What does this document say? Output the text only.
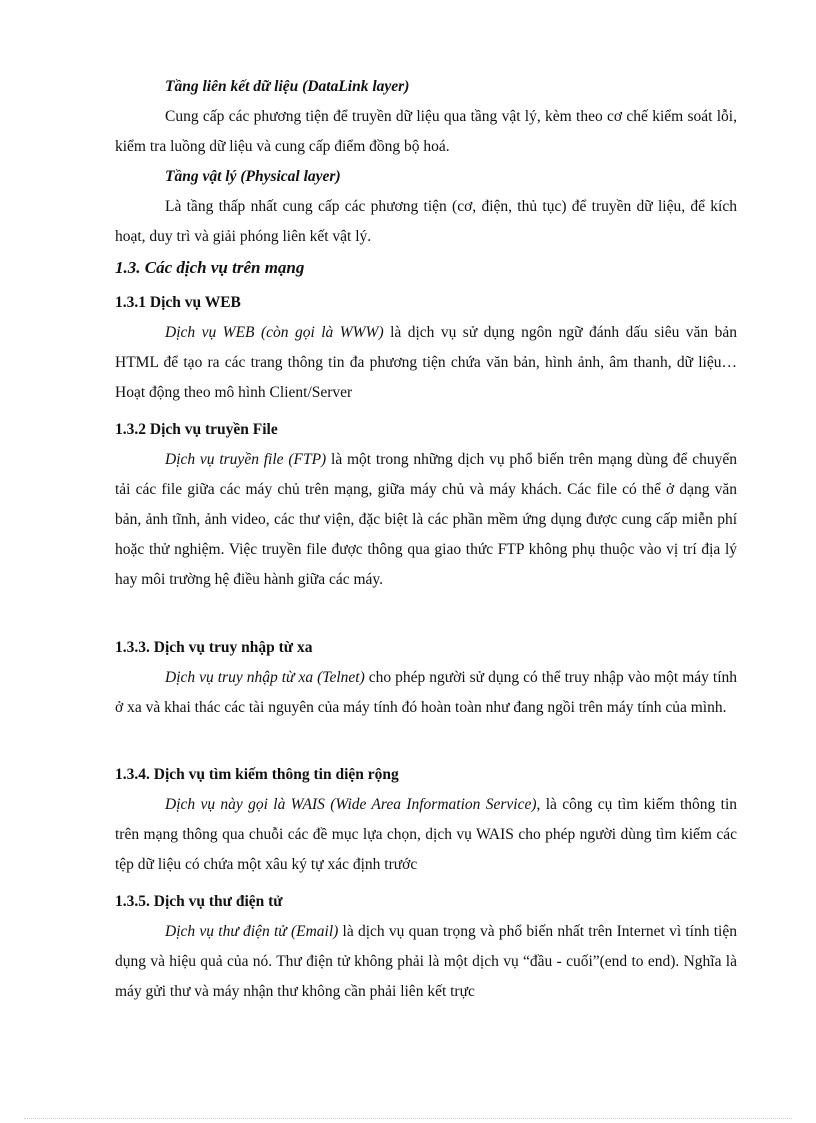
Tầng liên kết dữ liệu (DataLink layer)

Cung cấp các phương tiện để truyền dữ liệu qua tầng vật lý, kèm theo cơ chế kiểm soát lỗi, kiểm tra luồng dữ liệu và cung cấp điểm đồng bộ hoá.

Tầng vật lý (Physical layer)

Là tầng thấp nhất cung cấp các phương tiện (cơ, điện, thủ tục) để truyền dữ liệu, để kích hoạt, duy trì và giải phóng liên kết vật lý.

1.3. Các dịch vụ trên mạng
1.3.1 Dịch vụ WEB

Dịch vụ WEB (còn gọi là WWW) là dịch vụ sử dụng ngôn ngữ đánh dấu siêu văn bản HTML để tạo ra các trang thông tin đa phương tiện chứa văn bản, hình ảnh, âm thanh, dữ liệu…Hoạt động theo mô hình Client/Server

1.3.2 Dịch vụ truyền File

Dịch vụ truyền file (FTP) là một trong những dịch vụ phổ biến trên mạng dùng để chuyển tải các file giữa các máy chủ trên mạng, giữa máy chủ và máy khách. Các file có thể ở dạng văn bản, ảnh tĩnh, ảnh video, các thư viện, đặc biệt là các phần mềm ứng dụng được cung cấp miễn phí hoặc thử nghiệm. Việc truyền file được thông qua giao thức FTP không phụ thuộc vào vị trí địa lý hay môi trường hệ điều hành giữa các máy.

1.3.3. Dịch vụ truy nhập từ xa

Dịch vụ truy nhập từ xa (Telnet) cho phép người sử dụng có thể truy nhập vào một máy tính ở xa và khai thác các tài nguyên của máy tính đó hoàn toàn như đang ngồi trên máy tính của mình.

1.3.4. Dịch vụ tìm kiếm thông tin diện rộng

Dịch vụ này gọi là WAIS (Wide Area Information Service), là công cụ tìm kiếm thông tin trên mạng thông qua chuỗi các đề mục lựa chọn, dịch vụ WAIS cho phép người dùng tìm kiếm các tệp dữ liệu có chứa một xâu ký tự xác định trước

1.3.5. Dịch vụ thư điện tử

Dịch vụ thư điện tử (Email) là dịch vụ quan trọng và phổ biến nhất trên Internet vì tính tiện dụng và hiệu quả của nó. Thư điện tử không phải là một dịch vụ “đầu - cuối”(end to end). Nghĩa là máy gửi thư và máy nhận thư không cần phải liên kết trực
